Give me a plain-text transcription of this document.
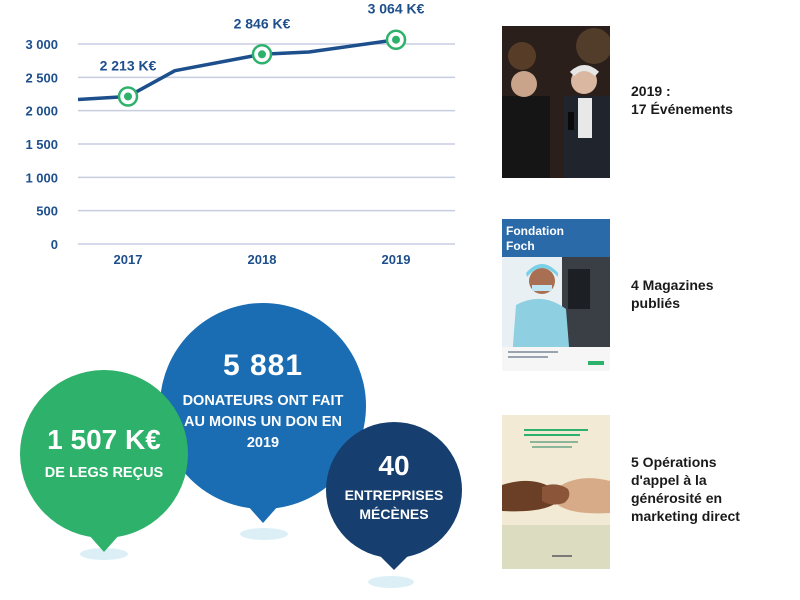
3 000
2 500
2 000
1 500
1 000
500
0
2017	2018	2019
2 213 K€
2 846 K€
3 064 K€
1 507 K€
DE LEGS REÇUS
5 881
DONATEURS ONT FAIT AU MOINS UN DON EN 2019
40
ENTREPRISES MÉCÈNES
2019 :
17 Événements
Fondation
Foch
4 Magazines
publiés
5 Opérations
d'appel à la
générosité en
marketing direct
